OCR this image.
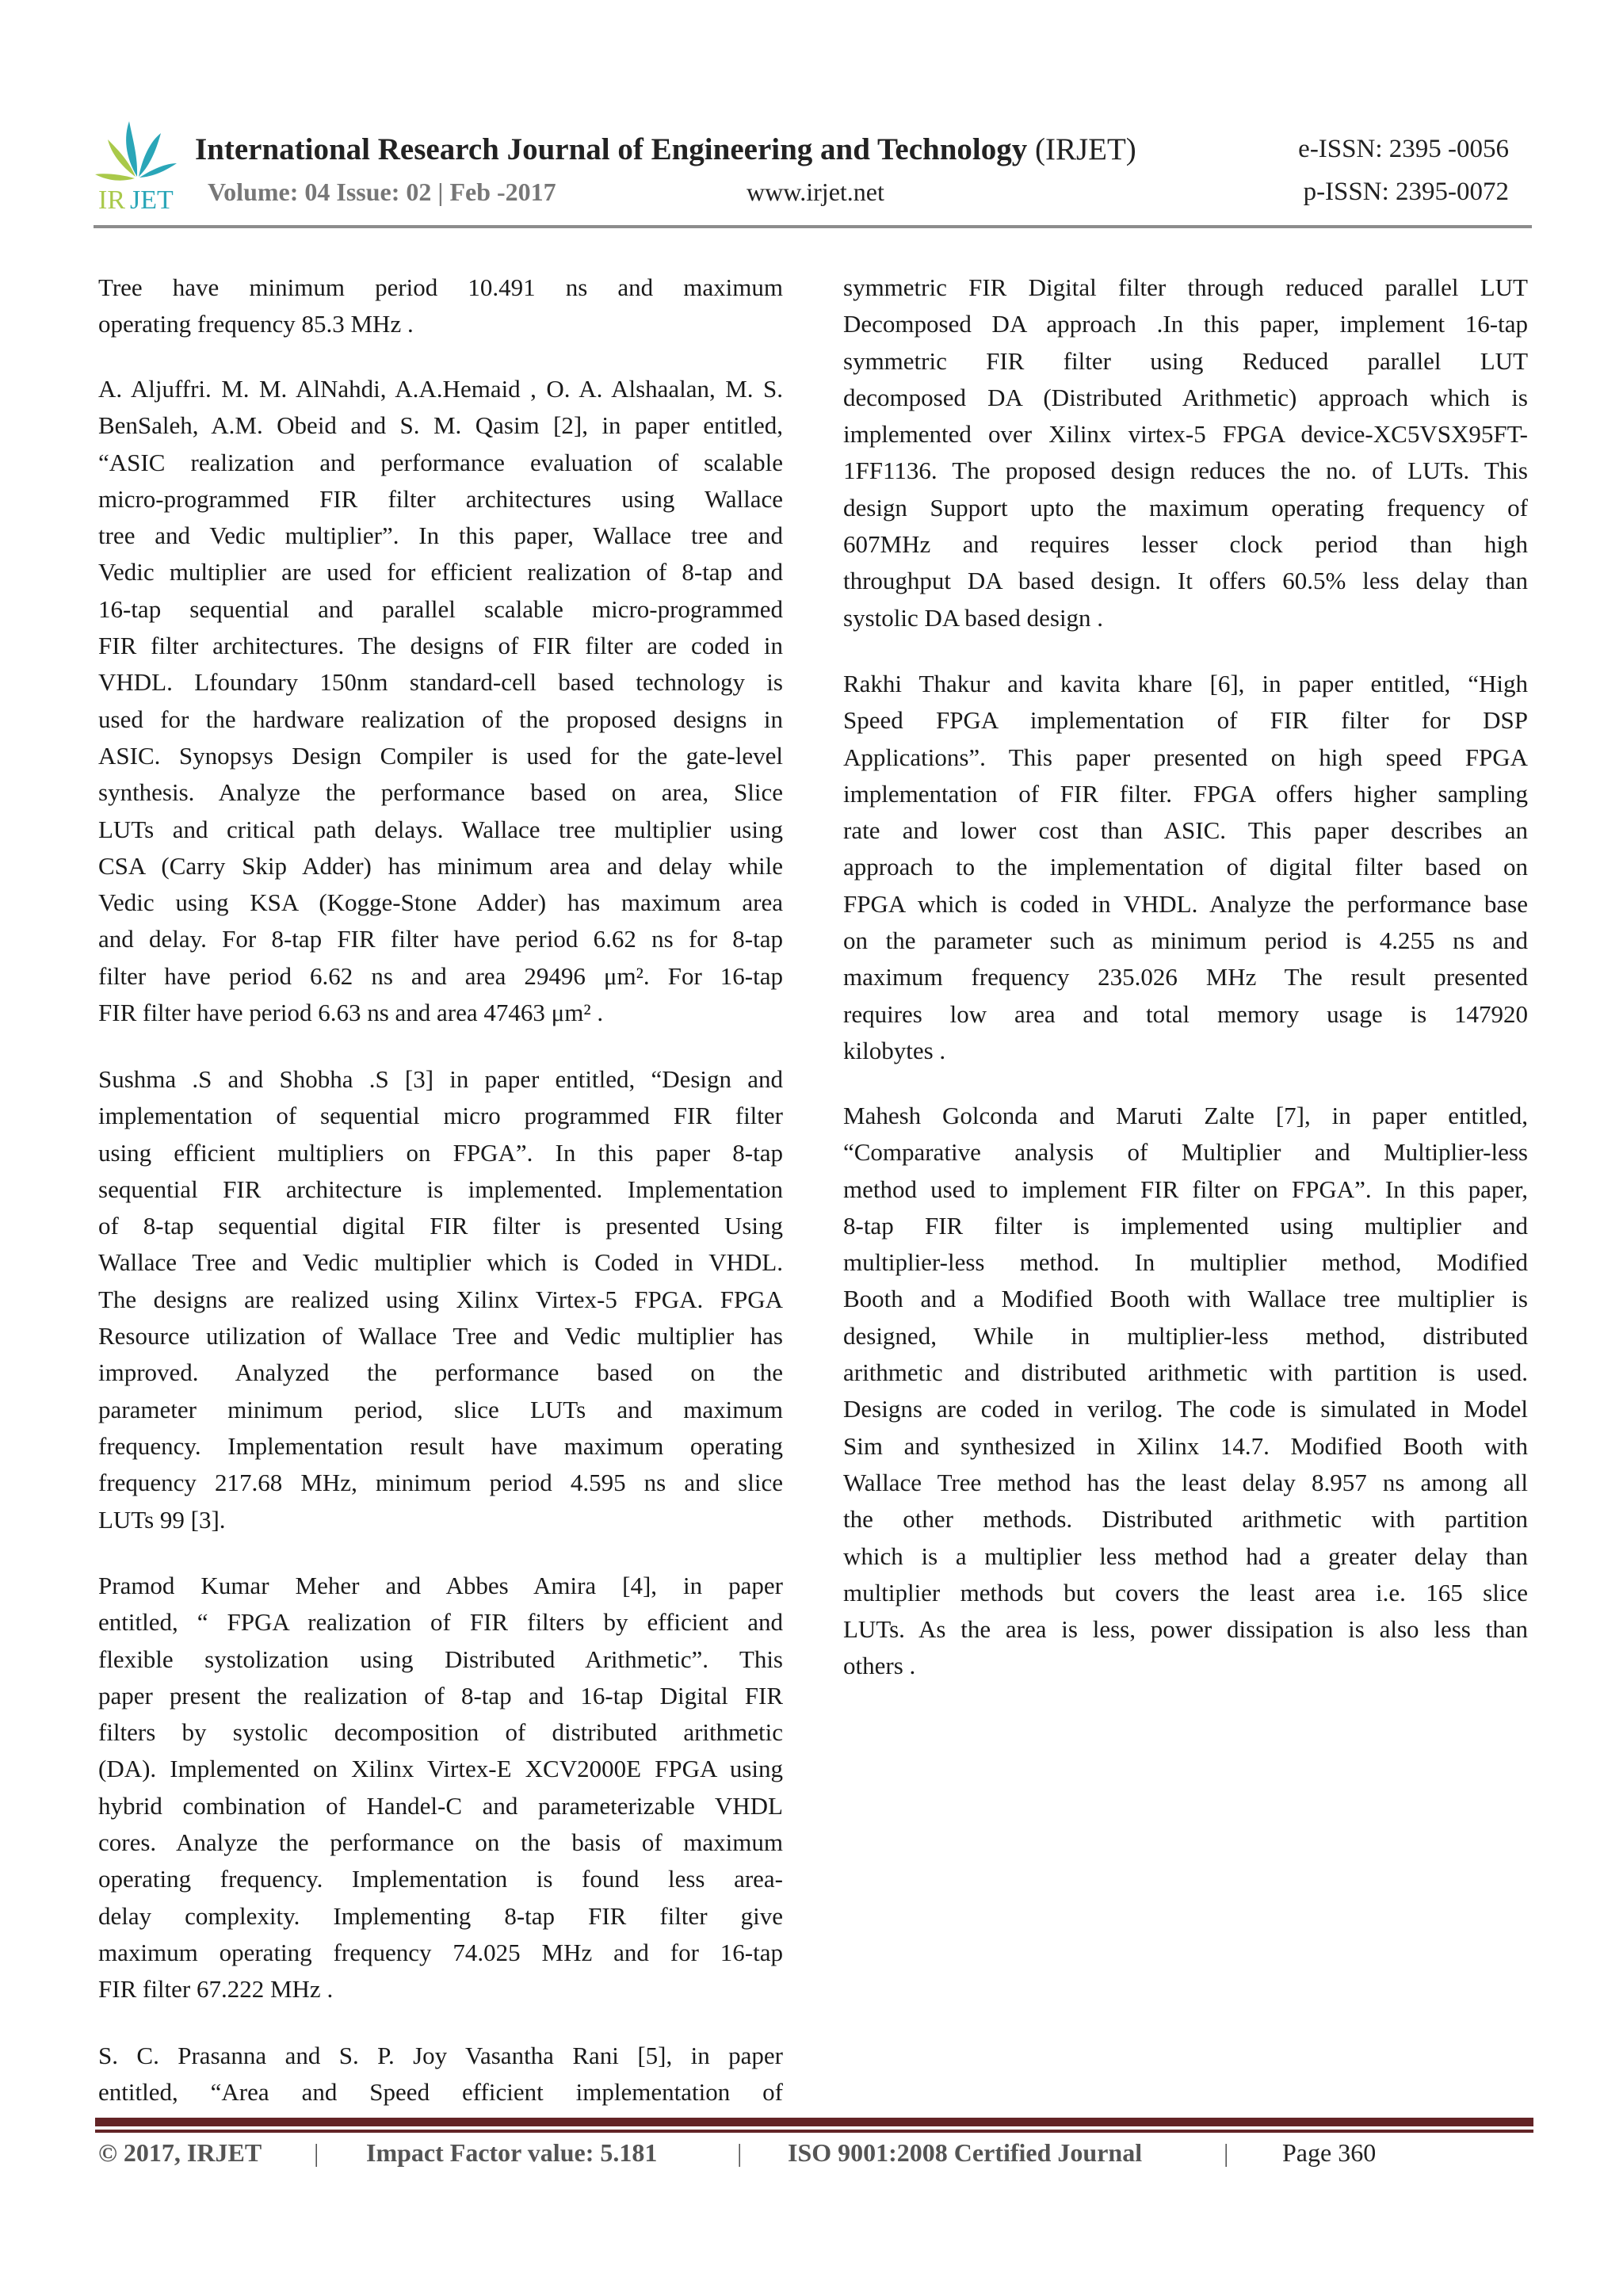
IR JET
International Research Journal of Engineering and Technology (IRJET)	e-ISSN: 2395 -0056
Volume: 04 Issue: 02 | Feb -2017	www.irjet.net	p-ISSN: 2395-0072
Tree have minimum period 10.491 ns and maximum
operating frequency 85.3 MHz .
A. Aljuffri. M. M. AlNahdi, A.A.Hemaid , O. A. Alshaalan, M. S.
BenSaleh, A.M. Obeid and S. M. Qasim [2], in paper entitled,
“ASIC realization and performance evaluation of scalable
micro-programmed FIR filter architectures using Wallace
tree and Vedic multiplier”. In this paper, Wallace tree and
Vedic multiplier are used for efficient realization of 8-tap and
16-tap sequential and parallel scalable micro-programmed
FIR filter architectures. The designs of FIR filter are coded in
VHDL. Lfoundary 150nm standard-cell based technology is
used for the hardware realization of the proposed designs in
ASIC. Synopsys Design Compiler is used for the gate-level
synthesis. Analyze the performance based on area, Slice
LUTs and critical path delays. Wallace tree multiplier using
CSA (Carry Skip Adder) has minimum area and delay while
Vedic using KSA (Kogge-Stone Adder) has maximum area
and delay. For 8-tap FIR filter have period 6.62 ns for 8-tap
filter have period 6.62 ns and area 29496 μm². For 16-tap
FIR filter have period 6.63 ns and area 47463 μm² .
Sushma .S and Shobha .S [3] in paper entitled, “Design and
implementation of sequential micro programmed FIR filter
using efficient multipliers on FPGA”. In this paper 8-tap
sequential FIR architecture is implemented. Implementation
of 8-tap sequential digital FIR filter is presented Using
Wallace Tree and Vedic multiplier which is Coded in VHDL.
The designs are realized using Xilinx Virtex-5 FPGA. FPGA
Resource utilization of Wallace Tree and Vedic multiplier has
improved. Analyzed the performance based on the
parameter minimum period, slice LUTs and maximum
frequency. Implementation result have maximum operating
frequency 217.68 MHz, minimum period 4.595 ns and slice
LUTs 99 [3].
Pramod Kumar Meher and Abbes Amira [4], in paper
entitled, “ FPGA realization of FIR filters by efficient and
flexible systolization using Distributed Arithmetic”. This
paper present the realization of 8-tap and 16-tap Digital FIR
filters by systolic decomposition of distributed arithmetic
(DA). Implemented on Xilinx Virtex-E XCV2000E FPGA using
hybrid combination of Handel-C and parameterizable VHDL
cores. Analyze the performance on the basis of maximum
operating frequency. Implementation is found less area-
delay complexity. Implementing 8-tap FIR filter give
maximum operating frequency 74.025 MHz and for 16-tap
FIR filter 67.222 MHz .
S. C. Prasanna and S. P. Joy Vasantha Rani [5], in paper
entitled, “Area and Speed efficient implementation of
symmetric FIR Digital filter through reduced parallel LUT
Decomposed DA approach .In this paper, implement 16-tap
symmetric FIR filter using Reduced parallel LUT
decomposed DA (Distributed Arithmetic) approach which is
implemented over Xilinx virtex-5 FPGA device-XC5VSX95FT-
1FF1136. The proposed design reduces the no. of LUTs. This
design Support upto the maximum operating frequency of
607MHz and requires lesser clock period than high
throughput DA based design. It offers 60.5% less delay than
systolic DA based design .
Rakhi Thakur and kavita khare [6], in paper entitled, “High
Speed FPGA implementation of FIR filter for DSP
Applications”. This paper presented on high speed FPGA
implementation of FIR filter. FPGA offers higher sampling
rate and lower cost than ASIC. This paper describes an
approach to the implementation of digital filter based on
FPGA which is coded in VHDL. Analyze the performance base
on the parameter such as minimum period is 4.255 ns and
maximum frequency 235.026 MHz The result presented
requires low area and total memory usage is 147920
kilobytes .
Mahesh Golconda and Maruti Zalte [7], in paper entitled,
“Comparative analysis of Multiplier and Multiplier-less
method used to implement FIR filter on FPGA”. In this paper,
8-tap FIR filter is implemented using multiplier and
multiplier-less method. In multiplier method, Modified
Booth and a Modified Booth with Wallace tree multiplier is
designed, While in multiplier-less method, distributed
arithmetic and distributed arithmetic with partition is used.
Designs are coded in verilog. The code is simulated in Model
Sim and synthesized in Xilinx 14.7. Modified Booth with
Wallace Tree method has the least delay 8.957 ns among all
the other methods. Distributed arithmetic with partition
which is a multiplier less method had a greater delay than
multiplier methods but covers the least area i.e. 165 slice
LUTs. As the area is less, power dissipation is also less than
others .
© 2017, IRJET | Impact Factor value: 5.181	| ISO 9001:2008 Certified Journal	| Page 360
